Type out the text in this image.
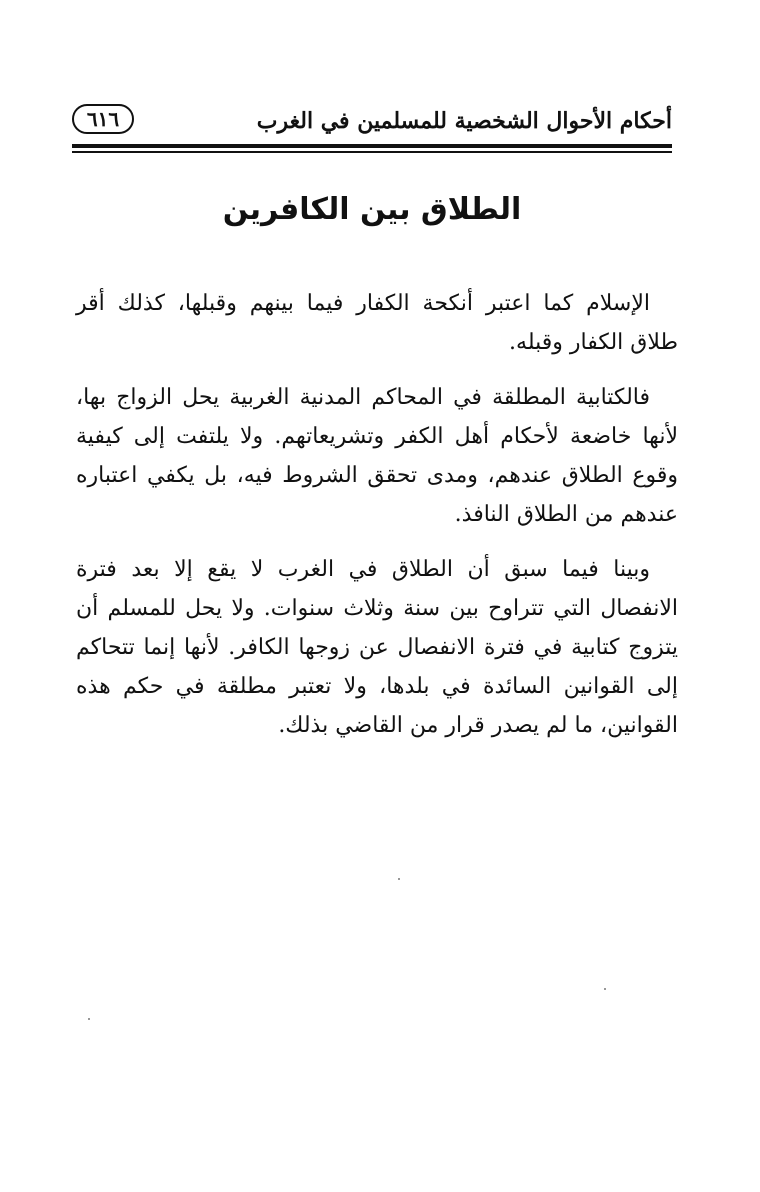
أحكام الأحوال الشخصية للمسلمين في الغرب
٦١٦
الطلاق بين الكافرين

الإسلام كما اعتبر أنكحة الكفار فيما بينهم وقبلها، كذلك أقر طلاق الكفار وقبله.

فالكتابية المطلقة في المحاكم المدنية الغربية يحل الزواج بها، لأنها خاضعة لأحكام أهل الكفر وتشريعاتهم. ولا يلتفت إلى كيفية وقوع الطلاق عندهم، ومدى تحقق الشروط فيه، بل يكفي اعتباره عندهم من الطلاق النافذ.

وبينا فيما سبق أن الطلاق في الغرب لا يقع إلا بعد فترة الانفصال التي تتراوح بين سنة وثلاث سنوات. ولا يحل للمسلم أن يتزوج كتابية في فترة الانفصال عن زوجها الكافر. لأنها إنما تتحاكم إلى القوانين السائدة في بلدها، ولا تعتبر مطلقة في حكم هذه القوانين، ما لم يصدر قرار من القاضي بذلك.
